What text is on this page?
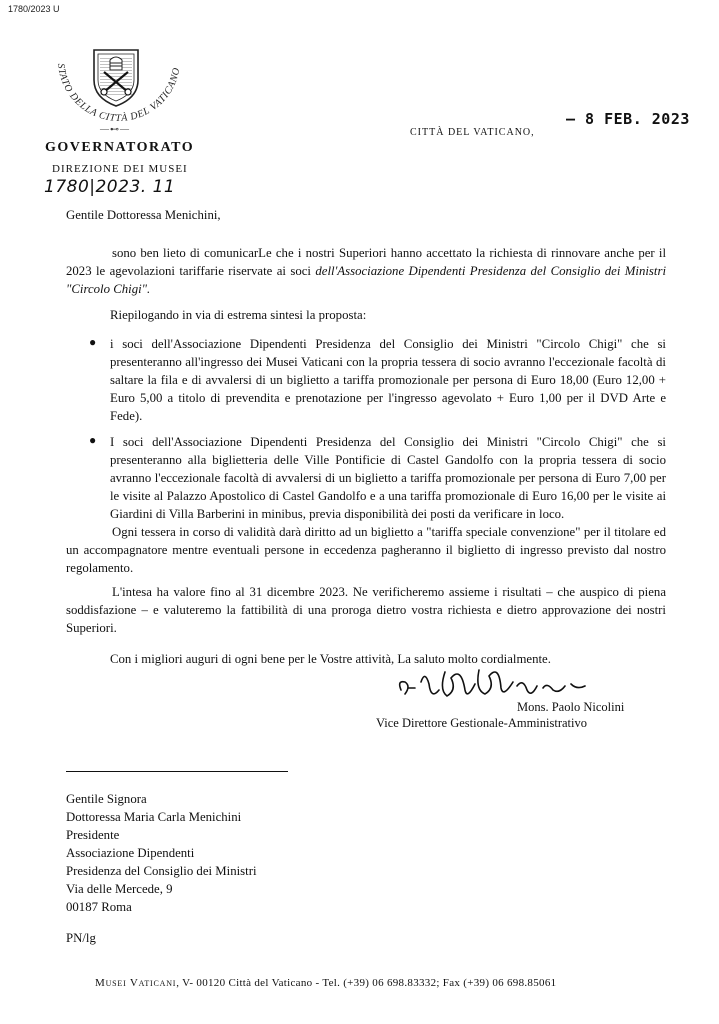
1780/2023 U
STATO DELLA CITTÀ DEL VATICANO
—⊷—
GOVERNATORATO
DIREZIONE DEI MUSEI
1780|2023. 11
CITTÀ DEL VATICANO,
– 8 FEB. 2023
Gentile Dottoressa Menichini,
sono ben lieto di comunicarLe che i nostri Superiori hanno accettato la richiesta di rinnovare anche per il 2023 le agevolazioni tariffarie riservate ai soci dell'Associazione Dipendenti Presidenza del Consiglio dei Ministri "Circolo Chigi".
Riepilogando in via di estrema sintesi la proposta:
● i soci dell'Associazione Dipendenti Presidenza del Consiglio dei Ministri "Circolo Chigi" che si presenteranno all'ingresso dei Musei Vaticani con la propria tessera di socio avranno l'eccezionale facoltà di saltare la fila e di avvalersi di un biglietto a tariffa promozionale per persona di Euro 18,00 (Euro 12,00 + Euro 5,00 a titolo di prevendita e prenotazione per l'ingresso agevolato + Euro 1,00 per il DVD Arte e Fede).
● I soci dell'Associazione Dipendenti Presidenza del Consiglio dei Ministri "Circolo Chigi" che si presenteranno alla biglietteria delle Ville Pontificie di Castel Gandolfo con la propria tessera di socio avranno l'eccezionale facoltà di avvalersi di un biglietto a tariffa promozionale per persona di Euro 7,00 per le visite al Palazzo Apostolico di Castel Gandolfo e a una tariffa promozionale di Euro 16,00 per le visite ai Giardini di Villa Barberini in minibus, previa disponibilità dei posti da verificare in loco.
Ogni tessera in corso di validità darà diritto ad un biglietto a "tariffa speciale convenzione" per il titolare ed un accompagnatore mentre eventuali persone in eccedenza pagheranno il biglietto di ingresso previsto dal nostro regolamento.
L'intesa ha valore fino al 31 dicembre 2023. Ne verificheremo assieme i risultati – che auspico di piena soddisfazione – e valuteremo la fattibilità di una proroga dietro vostra richiesta e dietro approvazione dei nostri Superiori.
Con i migliori auguri di ogni bene per le Vostre attività, La saluto molto cordialmente.
Mons. Paolo Nicolini
Vice Direttore Gestionale-Amministrativo
Gentile Signora
Dottoressa Maria Carla Menichini
Presidente
Associazione Dipendenti
Presidenza del Consiglio dei Ministri
Via delle Mercede, 9
00187 Roma
PN/lg
Musei Vaticani, V- 00120 Città del Vaticano - Tel. (+39) 06 698.83332; Fax (+39) 06 698.85061
